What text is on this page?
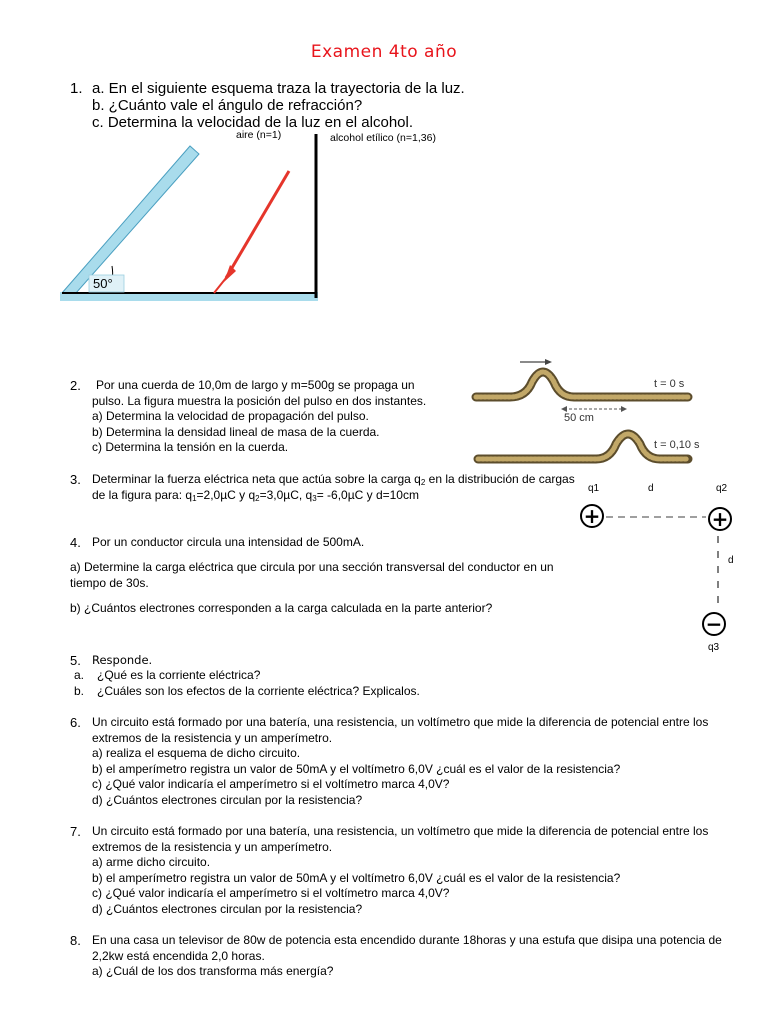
Examen 4to año
1. a. En el siguiente esquema traza la trayectoria de la luz.
b. ¿Cuánto vale el ángulo de refracción?
c. Determina la velocidad de la luz en el alcohol.
50°
aire (n=1)	alcohol etílico (n=1,36)
2. Por una cuerda de 10,0m de largo y m=500g se propaga un
pulso. La figura muestra la posición del pulso en dos instantes.
a) Determina la velocidad de propagación del pulso.
b) Determina la densidad lineal de masa de la cuerda.
c) Determina la tensión en la cuerda.
50 cm
t = 0 s
t = 0,10 s
3. Determinar la fuerza eléctrica neta que actúa sobre la carga $q_2$ en la distribución de cargas
de la figura para: $q_1=2,0\mu C$ y $q_2=3,0\mu C$, $q_3= -6,0\mu C$ y d=10cm	q1	d	q2
+	+
d
−
q3
4. Por un conductor circula una intensidad de 500mA.
a) Determine la carga eléctrica que circula por una sección transversal del conductor en un
tiempo de 30s.
b) ¿Cuántos electrones corresponden a la carga calculada en la parte anterior?
5. Responde.
a. ¿Qué es la corriente eléctrica?
b. ¿Cuáles son los efectos de la corriente eléctrica? Explicalos.
6. Un circuito está formado por una batería, una resistencia, un voltímetro que mide la diferencia de potencial entre los
extremos de la resistencia y un amperímetro.
a) realiza el esquema de dicho circuito.
b) el amperímetro registra un valor de 50mA y el voltímetro 6,0V ¿cuál es el valor de la resistencia?
c) ¿Qué valor indicaría el amperímetro si el voltímetro marca 4,0V?
d) ¿Cuántos electrones circulan por la resistencia?
7. Un circuito está formado por una batería, una resistencia, un voltímetro que mide la diferencia de potencial entre los
extremos de la resistencia y un amperímetro.
a) arme dicho circuito.
b) el amperímetro registra un valor de 50mA y el voltímetro 6,0V ¿cuál es el valor de la resistencia?
c) ¿Qué valor indicaría el amperímetro si el voltímetro marca 4,0V?
d) ¿Cuántos electrones circulan por la resistencia?
8. En una casa un televisor de 80w de potencia esta encendido durante 18horas y una estufa que disipa una potencia de
2,2kw está encendida 2,0 horas.
a) ¿Cuál de los dos transforma más energía?
